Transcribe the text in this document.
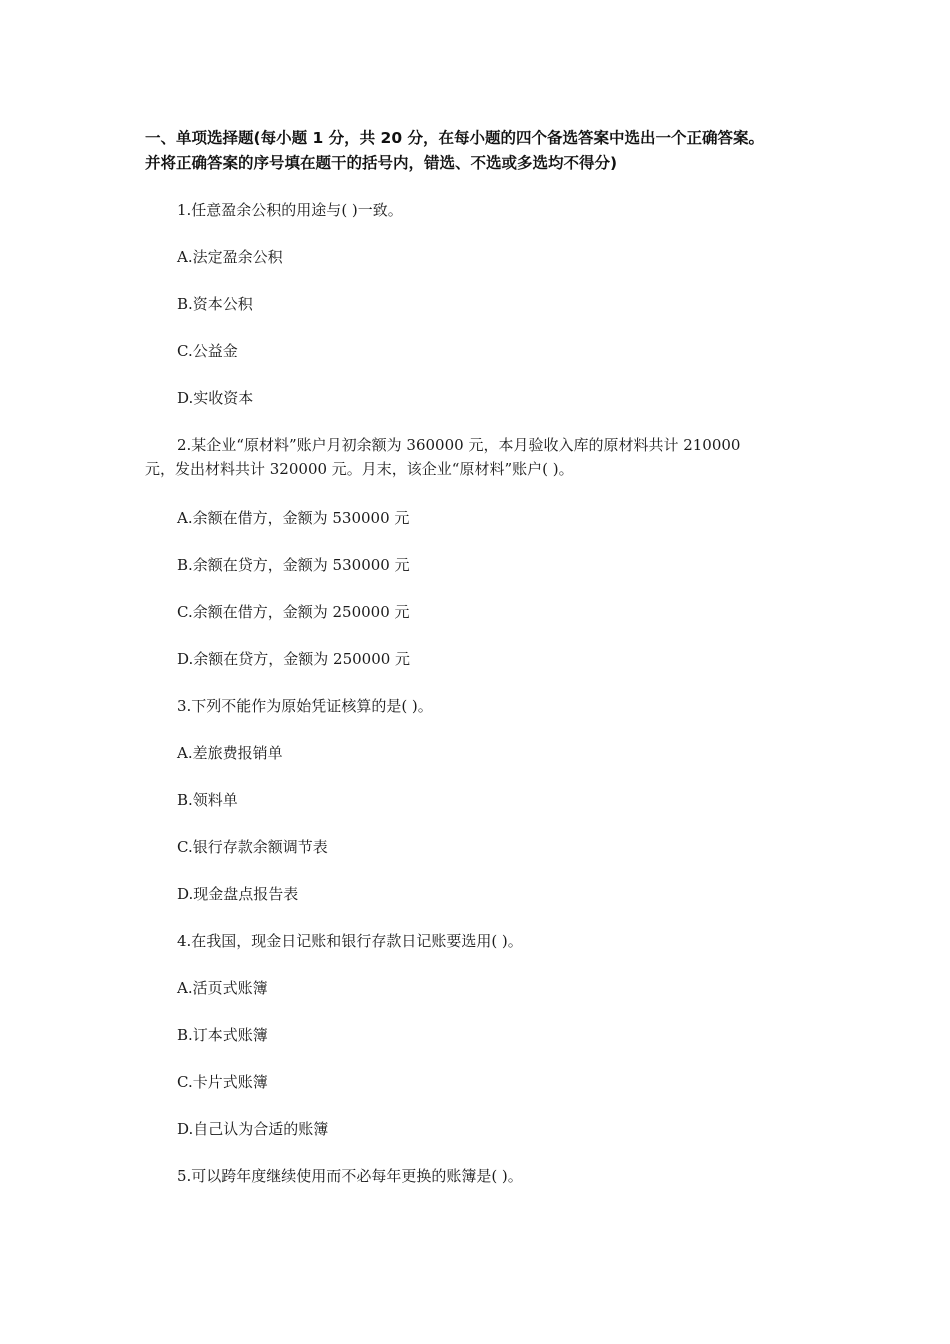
一、单项选择题(每小题 1 分，共 20 分，在每小题的四个备选答案中选出一个正确答案。
并将正确答案的序号填在题干的括号内，错选、不选或多选均不得分)
1.任意盈余公积的用途与( )一致。
A.法定盈余公积
B.资本公积
C.公益金
D.实收资本
2.某企业“原材料”账户月初余额为 360000 元，本月验收入库的原材料共计 210000
元，发出材料共计 320000 元。月末，该企业“原材料”账户( )。
A.余额在借方，金额为 530000 元
B.余额在贷方，金额为 530000 元
C.余额在借方，金额为 250000 元
D.余额在贷方，金额为 250000 元
3.下列不能作为原始凭证核算的是( )。
A.差旅费报销单
B.领料单
C.银行存款余额调节表
D.现金盘点报告表
4.在我国，现金日记账和银行存款日记账要选用( )。
A.活页式账簿
B.订本式账簿
C.卡片式账簿
D.自己认为合适的账簿
5.可以跨年度继续使用而不必每年更换的账簿是( )。
